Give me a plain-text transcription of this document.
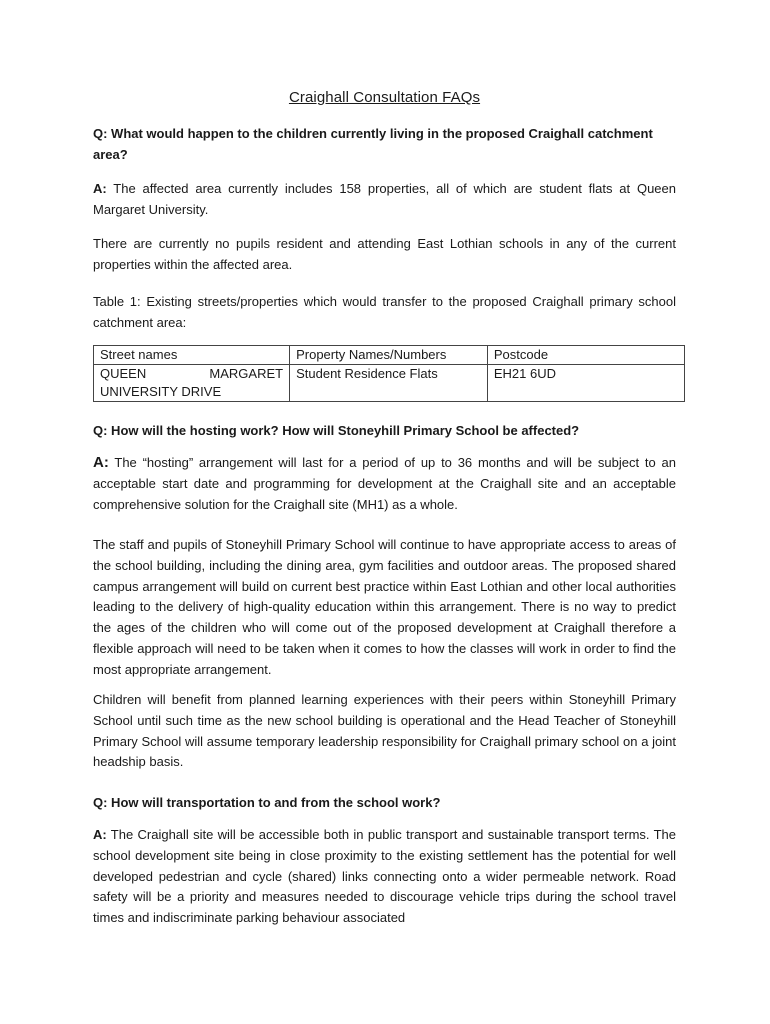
Craighall Consultation FAQs
Q: What would happen to the children currently living in the proposed Craighall catchment area?
A: The affected area currently includes 158 properties, all of which are student flats at Queen Margaret University.
There are currently no pupils resident and attending East Lothian schools in any of the current properties within the affected area.
Table 1: Existing streets/properties which would transfer to the proposed Craighall primary school catchment area:
Street names	Property Names/Numbers	Postcode

QUEEN MARGARET
UNIVERSITY DRIVE	Student Residence Flats	EH21 6UD
Q: How will the hosting work? How will Stoneyhill Primary School be affected?
A: The “hosting” arrangement will last for a period of up to 36 months and will be subject to an acceptable start date and programming for development at the Craighall site and an acceptable comprehensive solution for the Craighall site (MH1) as a whole.
The staff and pupils of Stoneyhill Primary School will continue to have appropriate access to areas of the school building, including the dining area, gym facilities and outdoor areas. The proposed shared campus arrangement will build on current best practice within East Lothian and other local authorities leading to the delivery of high-quality education within this arrangement. There is no way to predict the ages of the children who will come out of the proposed development at Craighall therefore a flexible approach will need to be taken when it comes to how the classes will work in order to find the most appropriate arrangement.
Children will benefit from planned learning experiences with their peers within Stoneyhill Primary School until such time as the new school building is operational and the Head Teacher of Stoneyhill Primary School will assume temporary leadership responsibility for Craighall primary school on a joint headship basis.
Q: How will transportation to and from the school work?
A: The Craighall site will be accessible both in public transport and sustainable transport terms. The school development site being in close proximity to the existing settlement has the potential for well developed pedestrian and cycle (shared) links connecting onto a wider permeable network. Road safety will be a priority and measures needed to discourage vehicle trips during the school travel times and indiscriminate parking behaviour associated
